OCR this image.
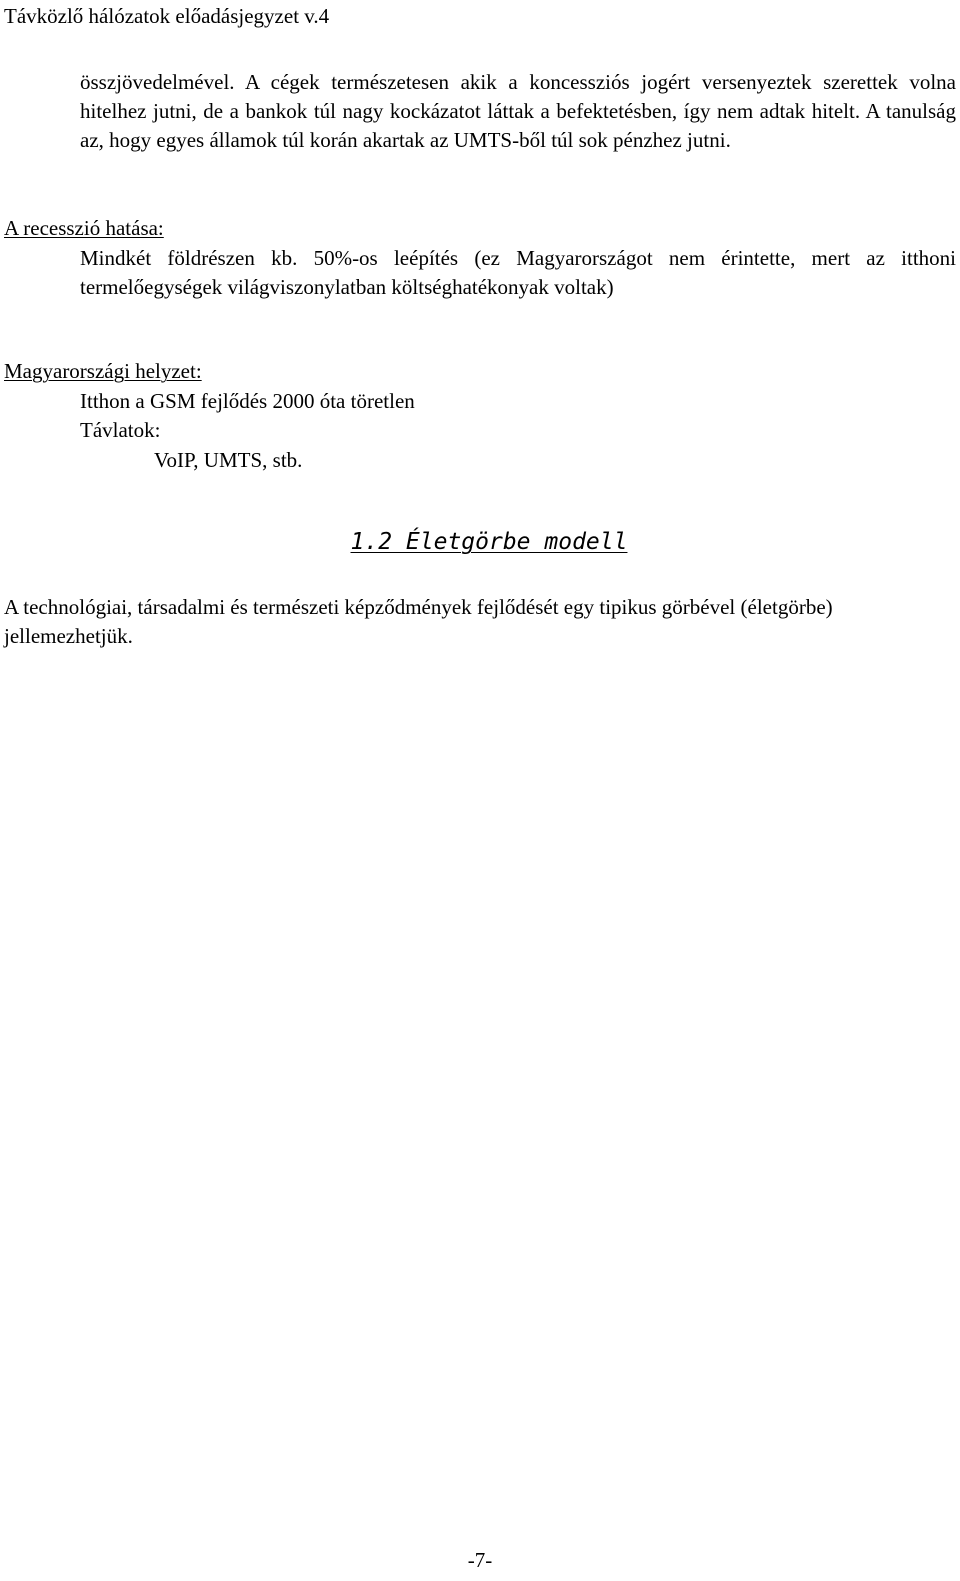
Távközlő hálózatok előadásjegyzet v.4

összjövedelmével. A cégek természetesen akik a koncessziós jogért versenyeztek szerettek volna hitelhez jutni, de a bankok túl nagy kockázatot láttak a befektetésben, így nem adtak hitelt. A tanulság az, hogy egyes államok túl korán akartak az UMTS-ből túl sok pénzhez jutni.

A recesszió hatása:

Mindkét földrészen kb. 50%-os leépítés (ez Magyarországot nem érintette, mert az itthoni termelőegységek világviszonylatban költséghatékonyak voltak)

Magyarországi helyzet:

Itthon a GSM fejlődés 2000 óta töretlen

Távlatok:

VoIP, UMTS, stb.

1.2 Életgörbe modell

A technológiai, társadalmi és természeti képződmények fejlődését egy tipikus görbével (életgörbe) jellemezhetjük.

-7-
